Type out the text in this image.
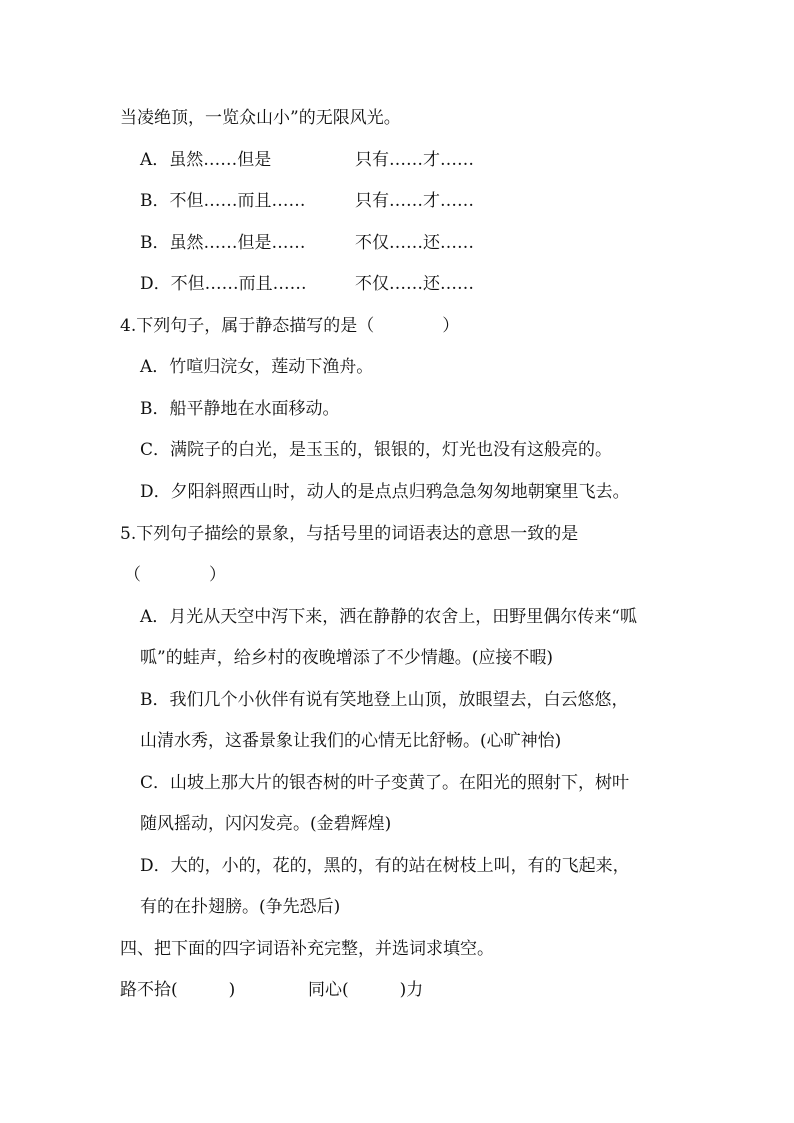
当凌绝顶，一览众山小”的无限风光。
A．虽然……但是	只有……才……
B．不但……而且……	只有……才……
B．虽然……但是……	不仅……还……
D．不但……而且……	不仅……还……
4.下列句子，属于静态描写的是（　　　　）
A．竹喧归浣女，莲动下渔舟。
B．船平静地在水面移动。
C．满院子的白光，是玉玉的，银银的，灯光也没有这般亮的。
D．夕阳斜照西山时，动人的是点点归鸦急急匆匆地朝窠里飞去。
5.下列句子描绘的景象，与括号里的词语表达的意思一致的是
（　　　　）
A．月光从天空中泻下来，洒在静静的农舍上，田野里偶尔传来“呱
呱”的蛙声，给乡村的夜晚增添了不少情趣。(应接不暇)
B．我们几个小伙伴有说有笑地登上山顶，放眼望去，白云悠悠，
山清水秀，这番景象让我们的心情无比舒畅。(心旷神怡)
C．山坡上那大片的银杏树的叶子变黄了。在阳光的照射下，树叶
随风摇动，闪闪发亮。(金碧辉煌)
D．大的，小的，花的，黑的，有的站在树枝上叫，有的飞起来，
有的在扑翅膀。(争先恐后)
四、把下面的四字词语补充完整，并选词求填空。
路不拾(　　　)	同心(　　　)力
